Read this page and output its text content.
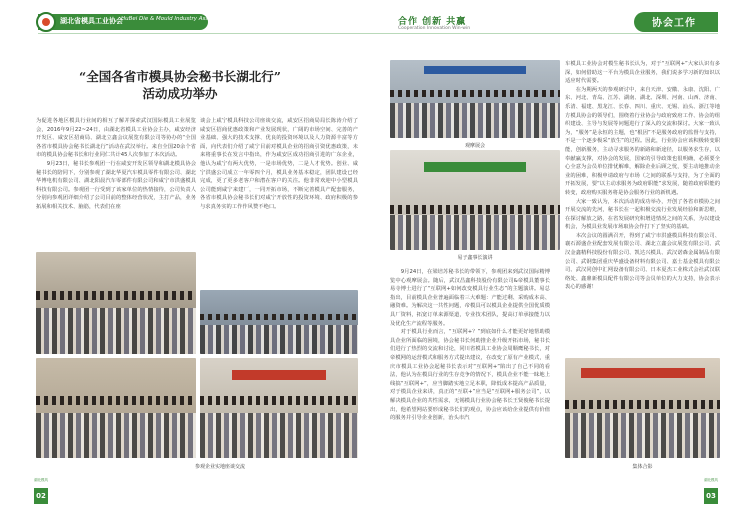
湖北省模具工业协会
HuBei Die & Mould Industry Association	合作 创新 共赢
Cooperation Innovation Win-win	协会工作
“全国各省市模具协会秘书长湖北行”
活动成功举办
为促进各地区模具行业间的相互了解并探索武汉国际模具工业展览会，2016年9月22~24日，由湖北省模具工业协会主办，咸安经济开发区、咸安区招商局、湖北立鑫会议展览有限公司等协办的“全国各省市模具协会秘书长湖北行”活动在武汉举行。来自全国20余个省市的模具协会秘书长和行业同仁共计45人次参加了本次活动。
　　9月23日，秘书长参观团一行在咸安开发区领导和湖北模具协会秘书长的陪同下，分别参观了湖北华夏汽车模具零件有限公司、湖北华博电机有限公司、湖北阳晨汽车零部件有限公司和咸宁市洪盛模具科技有限公司。参观团一行受到了该家单位的热情接待，公司负责人分别向参观团详细介绍了公司目前的整体经营状况，主打产品，业务拓展和相关技术、脑筋，代表们在座
谈会上咸宁模具科技公司座谈交流，咸安区招商局局长陈涛介绍了咸安区招商优惠政策和产业发展现状，广阔的市场空间、完善的产业基础、强大的技术支撑、优良的投资环境以及人力资源丰富等方面，向代表们介绍了咸宁目前对模具企业的招商引资优惠政策，未来将重事长在发言中指出，作为咸安区成功招商引进的广东企业，他认为咸宁有两大优势，一是市场优势，二是人才优势。创业、咸宁洪盛公司成立一年零四个月，模具业务基本稳定，团队建设已经完成，更了更多老客户和潜在客户的关注。他非常欢迎中小型模具公司能到咸宁来建厂，一同开拓市场，不断完善模具产配套服务，各省市模具协会秘书长们对咸宁开放性的投资环境、政府积极的参与求真务实的工作作风赞不绝口。
　　9月24日，在梁培苏秘书长的带领下，参观团来到武汉国际精博览中心观摩展会。随后，武汉昌鑫科技股份有限公司&帝模具董事长易寺博士进行了“互联网+如何改变模具行业生态”的主题演讲。易总指出，目前模具企业普遍面临着三大难题：产能过剩、采购成本高、融资难。为解决这一共性问题，帝模具可以模具企业提供全国优质模具厂资料，拓宽订单来源渠道，专业技术团队，提高订单承接能力以及优化生产流程等服务。
　　对于模具行业而言，“互联网+？”到底如什么才能更好地帮助模具企业所面临的困境，协会秘书长何助推企业升级开拓市场，秘书长们进行了热烈的交流和讨论，同川省模具工业协会周顺鹰秘书长，对帝模网的运营模式和服务方式提出建议，在改变了原有产业模式，重庆市模具工业协会起秘书长表示对“互联网+”陷出了自己不同的看法，他认为在模具行业的生存竞争的情况下，模具企业不能一昧地上线搞“互联网+”，应当脚踏实地立足本职，降低成本提高产品质量，对于模具企业来讲，真正的“互联+”应当是“互联网+服务公司”，以解决模具企业的共性需求，无锡模具行业协会秘书长王贤俊秘书长提出，他希望网站要形成秘书长们的观点，协会应该给企业提供有价值的服务并引导企业创新，治头市汽
车模具工业协会对模生秘书长认为，对于“互联网+”大家认识有多深，如何借助这一平台为模具企业服务，我们说多学习新的知识以适应时代需要。
　　在为期两天的参观研讨中，来自天津、安徽、永康、沈阳、广东、河北、青岛、江苏、湖南、湖北、深圳、河南、山西、济南、乐清、福建、黑龙江、长春、四川、重庆、无锡、汕头、浙江等地方模具协会的领导们，围绕着行业协会与政府致府工作、协会的组织建设、主导与发展等问题进行了深入的交流和探讨。大家一致认为，“服务”是永恒的主题，也“根因”不是服务政府的监督与支持，不是一个逐步极采“放生”的过程。因此，行业协会应该积极转变职能，创新服务，主动寻求服务的新路和新途径，以服务求生存，以奉献赢支撑，对协会的发展，国家的引导政策也很明确，必须要全心全意为会员单位排忧解难，解除企业后顾之忧，要主动地推动企业的困难，积极申请政府与市场（之间的联系与支持，为了全面的开拓发展，要“以主动求服务为政府职能”求发展，随着政府职能的转变，政府购买服务将是协会服务行业的新机遇。
　　大家一致认为，本次活动的成功举办，开创了各省市模协之间开展交流的先河，秘书长在一起积极交流行业发展经验和新思维，在探讨解放之路，在省发展研究积增进情况之间的关系，为以建设机会，为模具业发展市场取协会作打下了坚实的基础。
　　本次会议的圆满召开，得到了咸宁市洪盛模具科技有限公司、襄石源盛企业配套发展有限公司、湖北立鑫会议展览有限公司、武汉金鑫精科技股份有限公司、凯达兴模具、武汉诺森金属制品有限公司、武钢集团重庆华盛设备材料有限公司、嘉士基金模具有限公司、武汉同创中汇网设备有限公司、日本夏杰工业株式会社武汉联络处、鑫鼎新模具配件有限公司等会员单位的大力支持，协会表示衷心的感谢！
参观企业实地座谈交流
观摩展会
易子鑫事长演讲
集体合影
湖北模具
02
湖北模具
03
